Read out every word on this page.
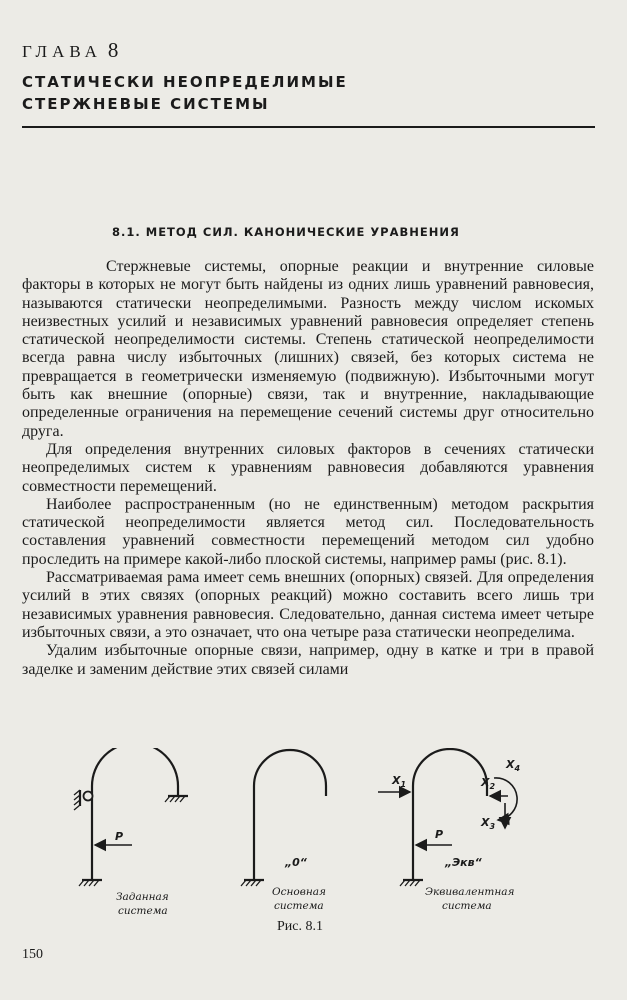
ГЛАВА 8
СТАТИЧЕСКИ НЕОПРЕДЕЛИМЫЕ
СТЕРЖНЕВЫЕ СИСТЕМЫ
8.1. МЕТОД СИЛ. КАНОНИЧЕСКИЕ УРАВНЕНИЯ

Стержневые системы, опорные реакции и внутренние силовые факторы в которых не могут быть найдены из одних лишь уравнений равновесия, называются статически неопределимыми. Разность между числом искомых неизвестных усилий и независимых уравнений равновесия определяет степень статической неопределимости системы. Степень статической неопределимости всегда равна числу избыточных (лишних) связей, без которых система не превращается в геометрически изменяемую (подвижную). Избыточными могут быть как внешние (опорные) связи, так и внутренние, накладывающие определенные ограничения на перемещение сечений системы друг относительно друга.

Для определения внутренних силовых факторов в сечениях статически неопределимых систем к уравнениям равновесия добавляются уравнения совместности перемещений.

Наиболее распространенным (но не единственным) методом раскрытия статической неопределимости является метод сил. Последовательность составления уравнений совместности перемещений методом сил удобно проследить на примере какой-либо плоской системы, например рамы (рис. 8.1).

Рассматриваемая рама имеет семь внешних (опорных) связей. Для определения усилий в этих связях (опорных реакций) можно составить всего лишь три независимых уравнения равновесия. Следовательно, данная система имеет четыре избыточных связи, а это означает, что она четыре раза статически неопределима.

Удалим избыточные опорные связи, например, одну в катке и три в правой заделке и заменим действие этих связей силами

P
Заданная
система
„0“
Основная
система
$X_1$	$X_2$
$X_3$
$X_4$
P
„Экв“
Эквивалентная
система
Рис. 8.1
150
